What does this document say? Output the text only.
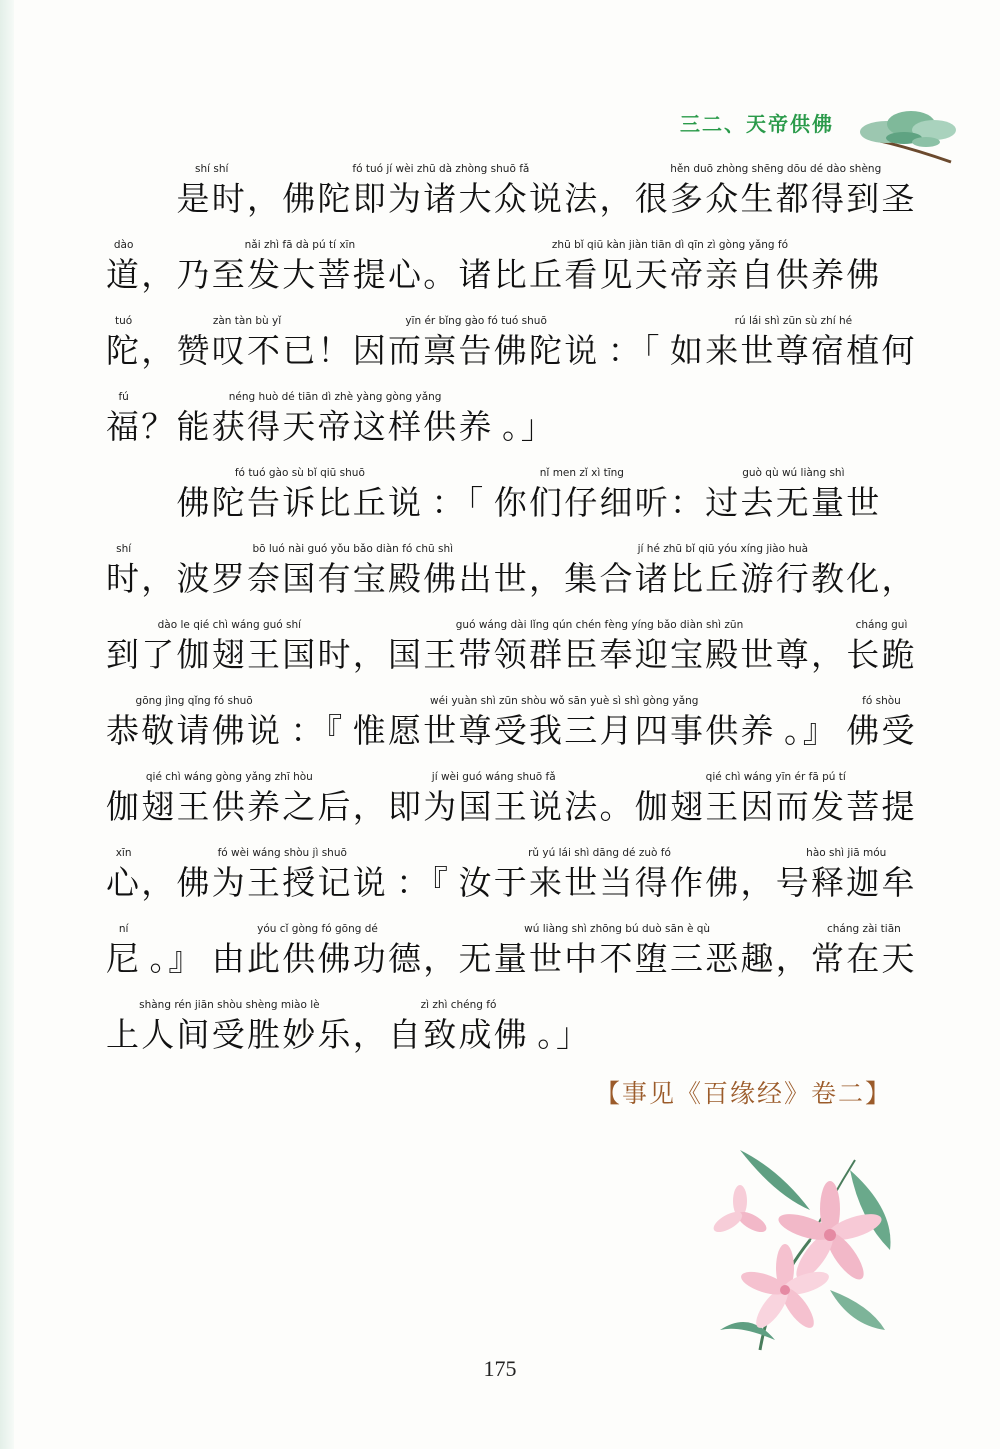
三二、天帝供佛
shí shí
是时 ，
fó tuó jí wèi zhū dà zhòng shuō fǎ
佛陀即为诸大众说法 ，
hěn duō zhòng shēng dōu dé dào shèng
很多众生都得到圣
dào
道 ，
nǎi zhì fā dà pú tí xīn
乃至发大菩提心 。
zhū bǐ qiū kàn jiàn tiān dì qīn zì gòng yǎng fó
诸比丘看见天帝亲自供养佛
tuó
陀 ，
zàn tàn bù yǐ
赞叹不已 ！
yīn ér bǐng gào fó tuó shuō
因而禀告佛陀说 ：「
rú lái shì zūn sù zhí hé
如来世尊宿植何
fú
福 ？
néng huò dé tiān dì zhè yàng gòng yǎng
能获得天帝这样供养 。」
fó tuó gào sù bǐ qiū shuō
佛陀告诉比丘说 ：「
nǐ men zǐ xì tīng
你们仔细听 ：
guò qù wú liàng shì
过去无量世
shí
时 ，
bō luó nài guó yǒu bǎo diàn fó chū shì
波罗奈国有宝殿佛出世 ，
jí hé zhū bǐ qiū yóu xíng jiào huà
集合诸比丘游行教化 ，
dào le qié chì wáng guó shí
到了伽翅王国时 ，
guó wáng dài lǐng qún chén fèng yíng bǎo diàn shì zūn
国王带领群臣奉迎宝殿世尊 ，
cháng guì
长跪
gōng jìng qǐng fó shuō
恭敬请佛说 ：『
wéi yuàn shì zūn shòu wǒ sān yuè sì shì gòng yǎng
惟愿世尊受我三月四事供养 。』
fó shòu
佛受
qié chì wáng gòng yǎng zhī hòu
伽翅王供养之后 ，
jí wèi guó wáng shuō fǎ
即为国王说法 。
qié chì wáng yīn ér fā pú tí
伽翅王因而发菩提
xīn
心 ，
fó wèi wáng shòu jì shuō
佛为王授记说 ：『
rǔ yú lái shì dāng dé zuò fó
汝于来世当得作佛 ，
hào shì jiā móu
号释迦牟
ní
尼 。』
yóu cǐ gòng fó gōng dé
由此供佛功德 ，
wú liàng shì zhōng bú duò sān è qù
无量世中不堕三恶趣 ，
cháng zài tiān
常在天
shàng rén jiān shòu shèng miào lè
上人间受胜妙乐 ，
zì zhì chéng fó
自致成佛 。」
【事见《百缘经》卷二】
175
